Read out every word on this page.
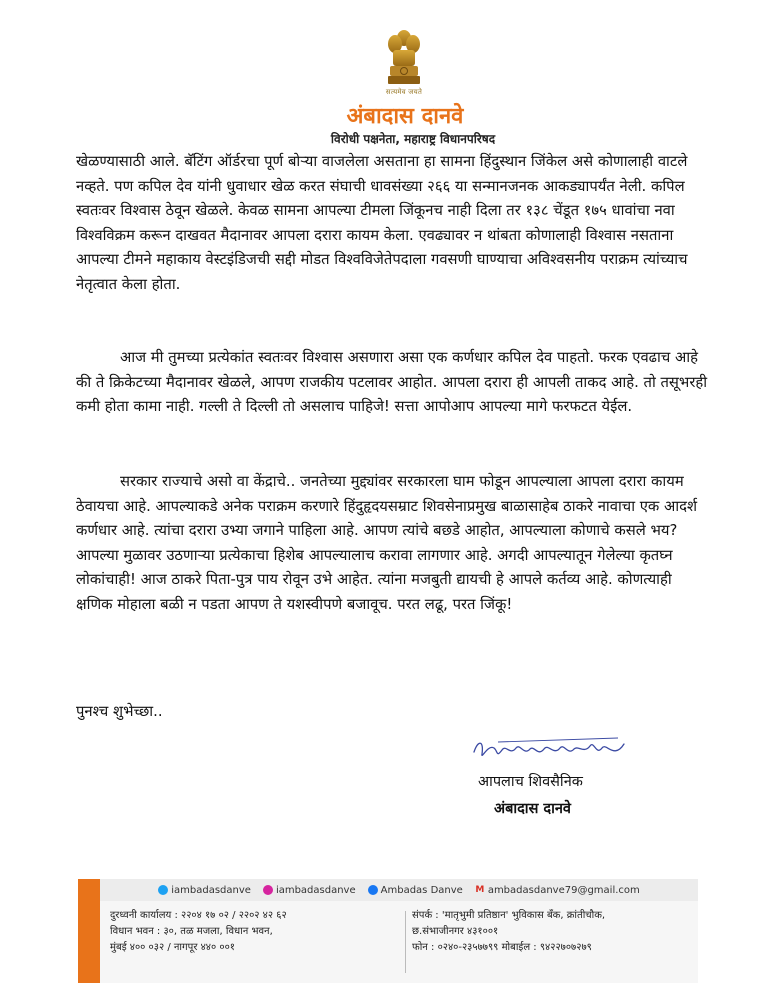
सत्यमेव जयते
अंबादास दानवे
विरोधी पक्षनेता, महाराष्ट्र विधानपरिषद
खेळण्यासाठी आले. बॅटिंग ऑर्डरचा पूर्ण बोऱ्या वाजलेला असताना हा सामना हिंदुस्थान जिंकेल असे कोणालाही वाटले नव्हते. पण कपिल देव यांनी धुवाधार खेळ करत संघाची धावसंख्या २६६ या सन्मानजनक आकड्यापर्यंत नेली. कपिल स्वतःवर विश्वास ठेवून खेळले. केवळ सामना आपल्या टीमला जिंकूनच नाही दिला तर १३८ चेंडूत १७५ धावांचा नवा विश्वविक्रम करून दाखवत मैदानावर आपला दरारा कायम केला. एवढ्यावर न थांबता कोणालाही विश्वास नसताना आपल्या टीमने महाकाय वेस्टइंडिजची सद्दी मोडत विश्वविजेतेपदाला गवसणी घाण्याचा अविश्वसनीय पराक्रम त्यांच्याच नेतृत्वात केला होता.
आज मी तुमच्या प्रत्येकांत स्वतःवर विश्वास असणारा असा एक कर्णधार कपिल देव पाहतो. फरक एवढाच आहे की ते क्रिकेटच्या मैदानावर खेळले, आपण राजकीय पटलावर आहोत. आपला दरारा ही आपली ताकद आहे. तो तसूभरही कमी होता कामा नाही. गल्ली ते दिल्ली तो असलाच पाहिजे! सत्ता आपोआप आपल्या मागे फरफटत येईल.
सरकार राज्याचे असो वा केंद्राचे.. जनतेच्या मुद्द्यांवर सरकारला घाम फोडून आपल्याला आपला दरारा कायम ठेवायचा आहे. आपल्याकडे अनेक पराक्रम करणारे हिंदुहृदयसम्राट शिवसेनाप्रमुख बाळासाहेब ठाकरे नावाचा एक आदर्श कर्णधार आहे. त्यांचा दरारा उभ्या जगाने पाहिला आहे. आपण त्यांचे बछडे आहोत, आपल्याला कोणाचे कसले भय? आपल्या मुळावर उठणाऱ्या प्रत्येकाचा हिशेब आपल्यालाच करावा लागणार आहे. अगदी आपल्यातून गेलेल्या कृतघ्न लोकांचाही! आज ठाकरे पिता-पुत्र पाय रोवून उभे आहेत. त्यांना मजबुती द्यायची हे आपले कर्तव्य आहे. कोणत्याही क्षणिक मोहाला बळी न पडता आपण ते यशस्वीपणे बजावूच. परत लढू, परत जिंकू!
पुनश्च शुभेच्छा..
आपलाच शिवसैनिक
अंबादास दानवे
iambadasdanve	iambadasdanve	Ambadas Danve M ambadasdanve79@gmail.com
दुरध्वनी कार्यालय : २२०४ १७ ०२ / २२०२ ४२ ६२
विधान भवन : ३०, तळ मजला, विधान भवन,
मुंबई ४०० ०३२ / नागपूर ४४० ००१
संपर्क : 'मातृभुमी प्रतिष्ठान' भुविकास बँक, क्रांतीचौक,
छ.संभाजीनगर ४३१००१
फोन : ०२४०-२३५७७९९ मोबाईल : ९४२२७०७२७९
